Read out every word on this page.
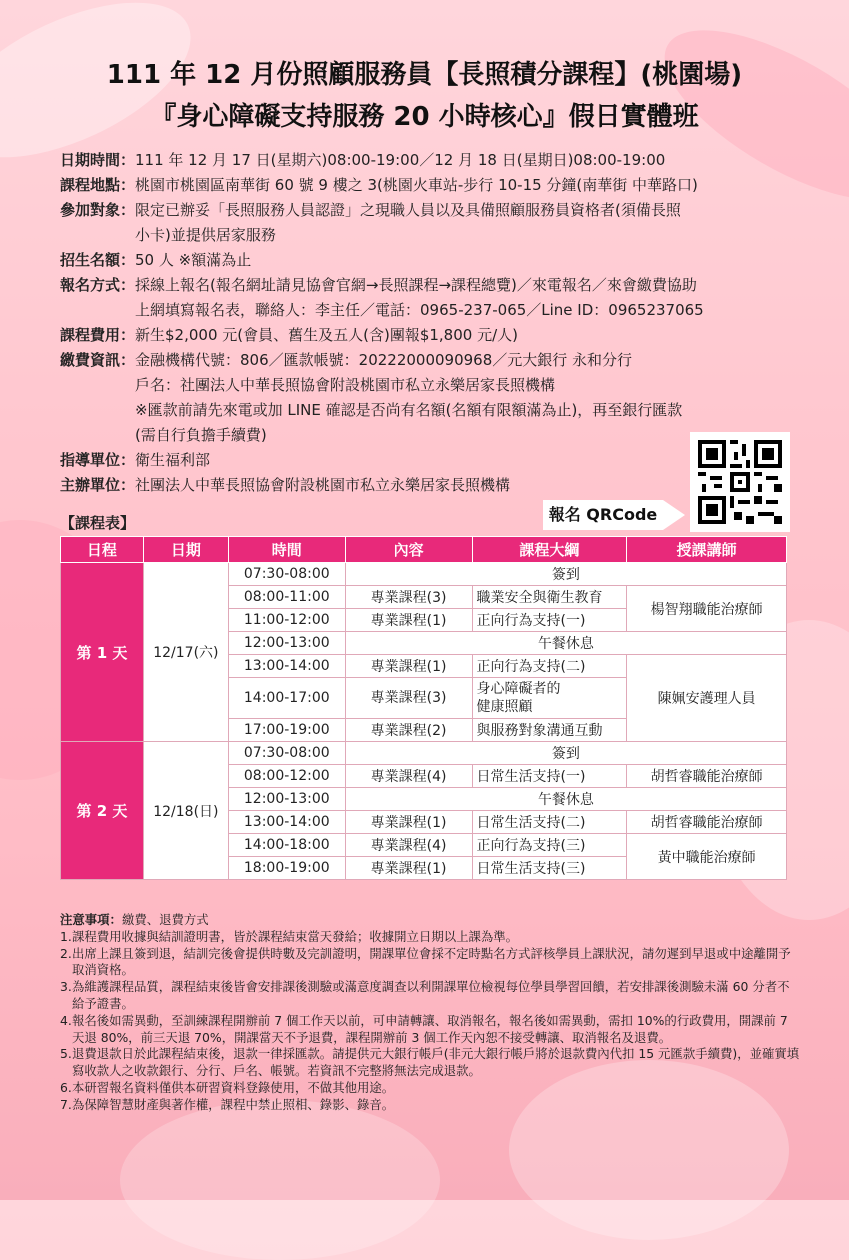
111 年 12 月份照顧服務員【長照積分課程】(桃園場)
『身心障礙支持服務 20 小時核心』假日實體班
日期時間： 111 年 12 月 17 日(星期六)08:00-19:00／12 月 18 日(星期日)08:00-19:00
課程地點： 桃園市桃園區南華街 60 號 9 樓之 3(桃園火車站-步行 10-15 分鐘(南華街 中華路口)
參加對象： 限定已辦妥「長照服務人員認證」之現職人員以及具備照顧服務員資格者(須備長照
小卡)並提供居家服務
招生名額： 50 人 ※額滿為止
報名方式： 採線上報名(報名網址請見協會官網→長照課程→課程總覽)／來電報名／來會繳費協助
上網填寫報名表，聯絡人：李主任／電話：0965-237-065／Line ID：0965237065
課程費用： 新生$2,000 元(會員、舊生及五人(含)團報$1,800 元/人)
繳費資訊： 金融機構代號：806／匯款帳號：20222000090968／元大銀行 永和分行
戶名：社團法人中華長照協會附設桃園市私立永樂居家長照機構
※匯款前請先來電或加 LINE 確認是否尚有名額(名額有限額滿為止)，再至銀行匯款
(需自行負擔手續費)
指導單位： 衛生福利部
主辦單位： 社團法人中華長照協會附設桃園市私立永樂居家長照機構
報名 QRCode
【課程表】
日程	日期	時間	內容	課程大綱	授課講師
第 1 天	12/17(六)	07:30-08:00	簽到		
		08:00-11:00	專業課程(3)	職業安全與衛生教育	楊智翔職能治療師
		11:00-12:00	專業課程(1)	正向行為支持(一)	
		12:00-13:00	午餐休息		
		13:00-14:00	專業課程(1)	正向行為支持(二)	陳姵安護理人員
		14:00-17:00	專業課程(3)	身心障礙者的
健康照顧	

		17:00-19:00	專業課程(2)	與服務對象溝通互動	
第 2 天	12/18(日)	07:30-08:00	簽到		
		08:00-12:00	專業課程(4)	日常生活支持(一)	胡哲睿職能治療師
		12:00-13:00	午餐休息		
		13:00-14:00	專業課程(1)	日常生活支持(二)	胡哲睿職能治療師
		14:00-18:00	專業課程(4)	正向行為支持(三)	黃中職能治療師
		18:00-19:00	專業課程(1)	日常生活支持(三)	
注意事項：繳費、退費方式
1. 課程費用收據與結訓證明書，皆於課程結束當天發給；收據開立日期以上課為準。
2. 出席上課且簽到退，結訓完後會提供時數及完訓證明，開課單位會採不定時點名方式評核學員上課狀況，請勿遲到早退或中途離開予取消資格。
3. 為維護課程品質，課程結束後皆會安排課後測驗或滿意度調查以利開課單位檢視每位學員學習回饋，若安排課後測驗未滿 60 分者不給予證書。
4. 報名後如需異動，至訓練課程開辦前 7 個工作天以前，可申請轉讓、取消報名，報名後如需異動，需扣 10%的行政費用，開課前 7 天退 80%，前三天退 70%，開課當天不予退費，課程開辦前 3 個工作天內恕不接受轉讓、取消報名及退費。
5. 退費退款日於此課程結束後，退款一律採匯款。請提供元大銀行帳戶(非元大銀行帳戶將於退款費內代扣 15 元匯款手續費)，並確實填寫收款人之收款銀行、分行、戶名、帳號。若資訊不完整將無法完成退款。
6. 本研習報名資料僅供本研習資料登錄使用，不做其他用途。
7. 為保障智慧財產與著作權，課程中禁止照相、錄影、錄音。
